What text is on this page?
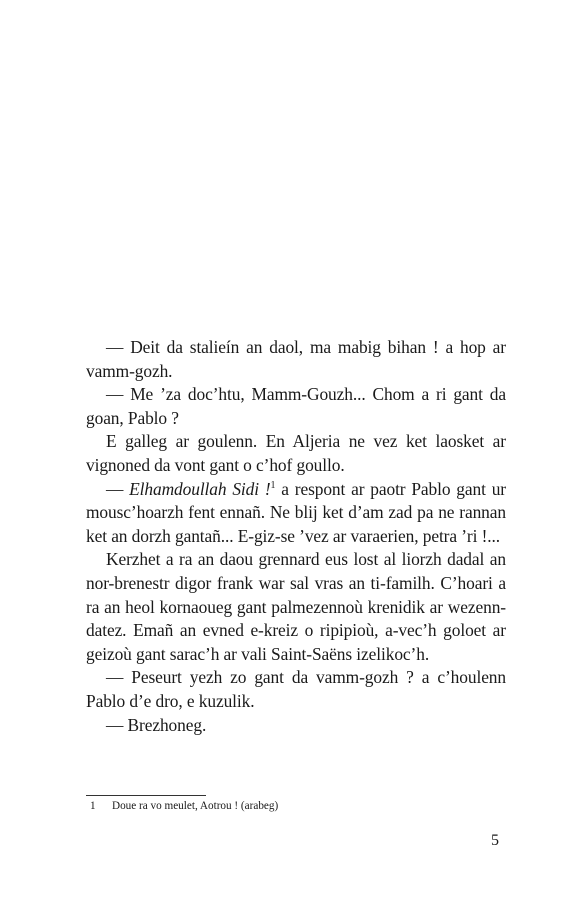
— Deit da stalieín an daol, ma mabig bihan ! a hop ar vamm-gozh.

— Me ’za doc’htu, Mamm-Gouzh... Chom a ri gant da goan, Pablo ?

E galleg ar goulenn. En Aljeria ne vez ket laosket ar vignoned da vont gant o c’hof goullo.

— Elhamdoullah Sidi !$^1$ a respont ar paotr Pablo gant ur mousc’hoarzh fent ennañ. Ne blij ket d’am zad pa ne rannan ket an dorzh gantañ... E-giz-se ’vez ar varaerien, petra ’ri !...

Kerzhet a ra an daou grennard eus lost al liorzh dadal an nor-brenestr digor frank war sal vras an ti-familh. C’hoari a ra an heol kornaoueg gant palmezennoù krenidik ar wezenn-datez. Emañ an evned e-kreiz o ripipioù, a-vec’h goloet ar geizoù gant sarac’h ar vali Saint-Saëns izelikoc’h.

— Peseurt yezh zo gant da vamm-gozh ? a c’houlenn Pablo d’e dro, e kuzulik.

— Brezhoneg.

1 Doue ra vo meulet, Aotrou ! (arabeg)
5
